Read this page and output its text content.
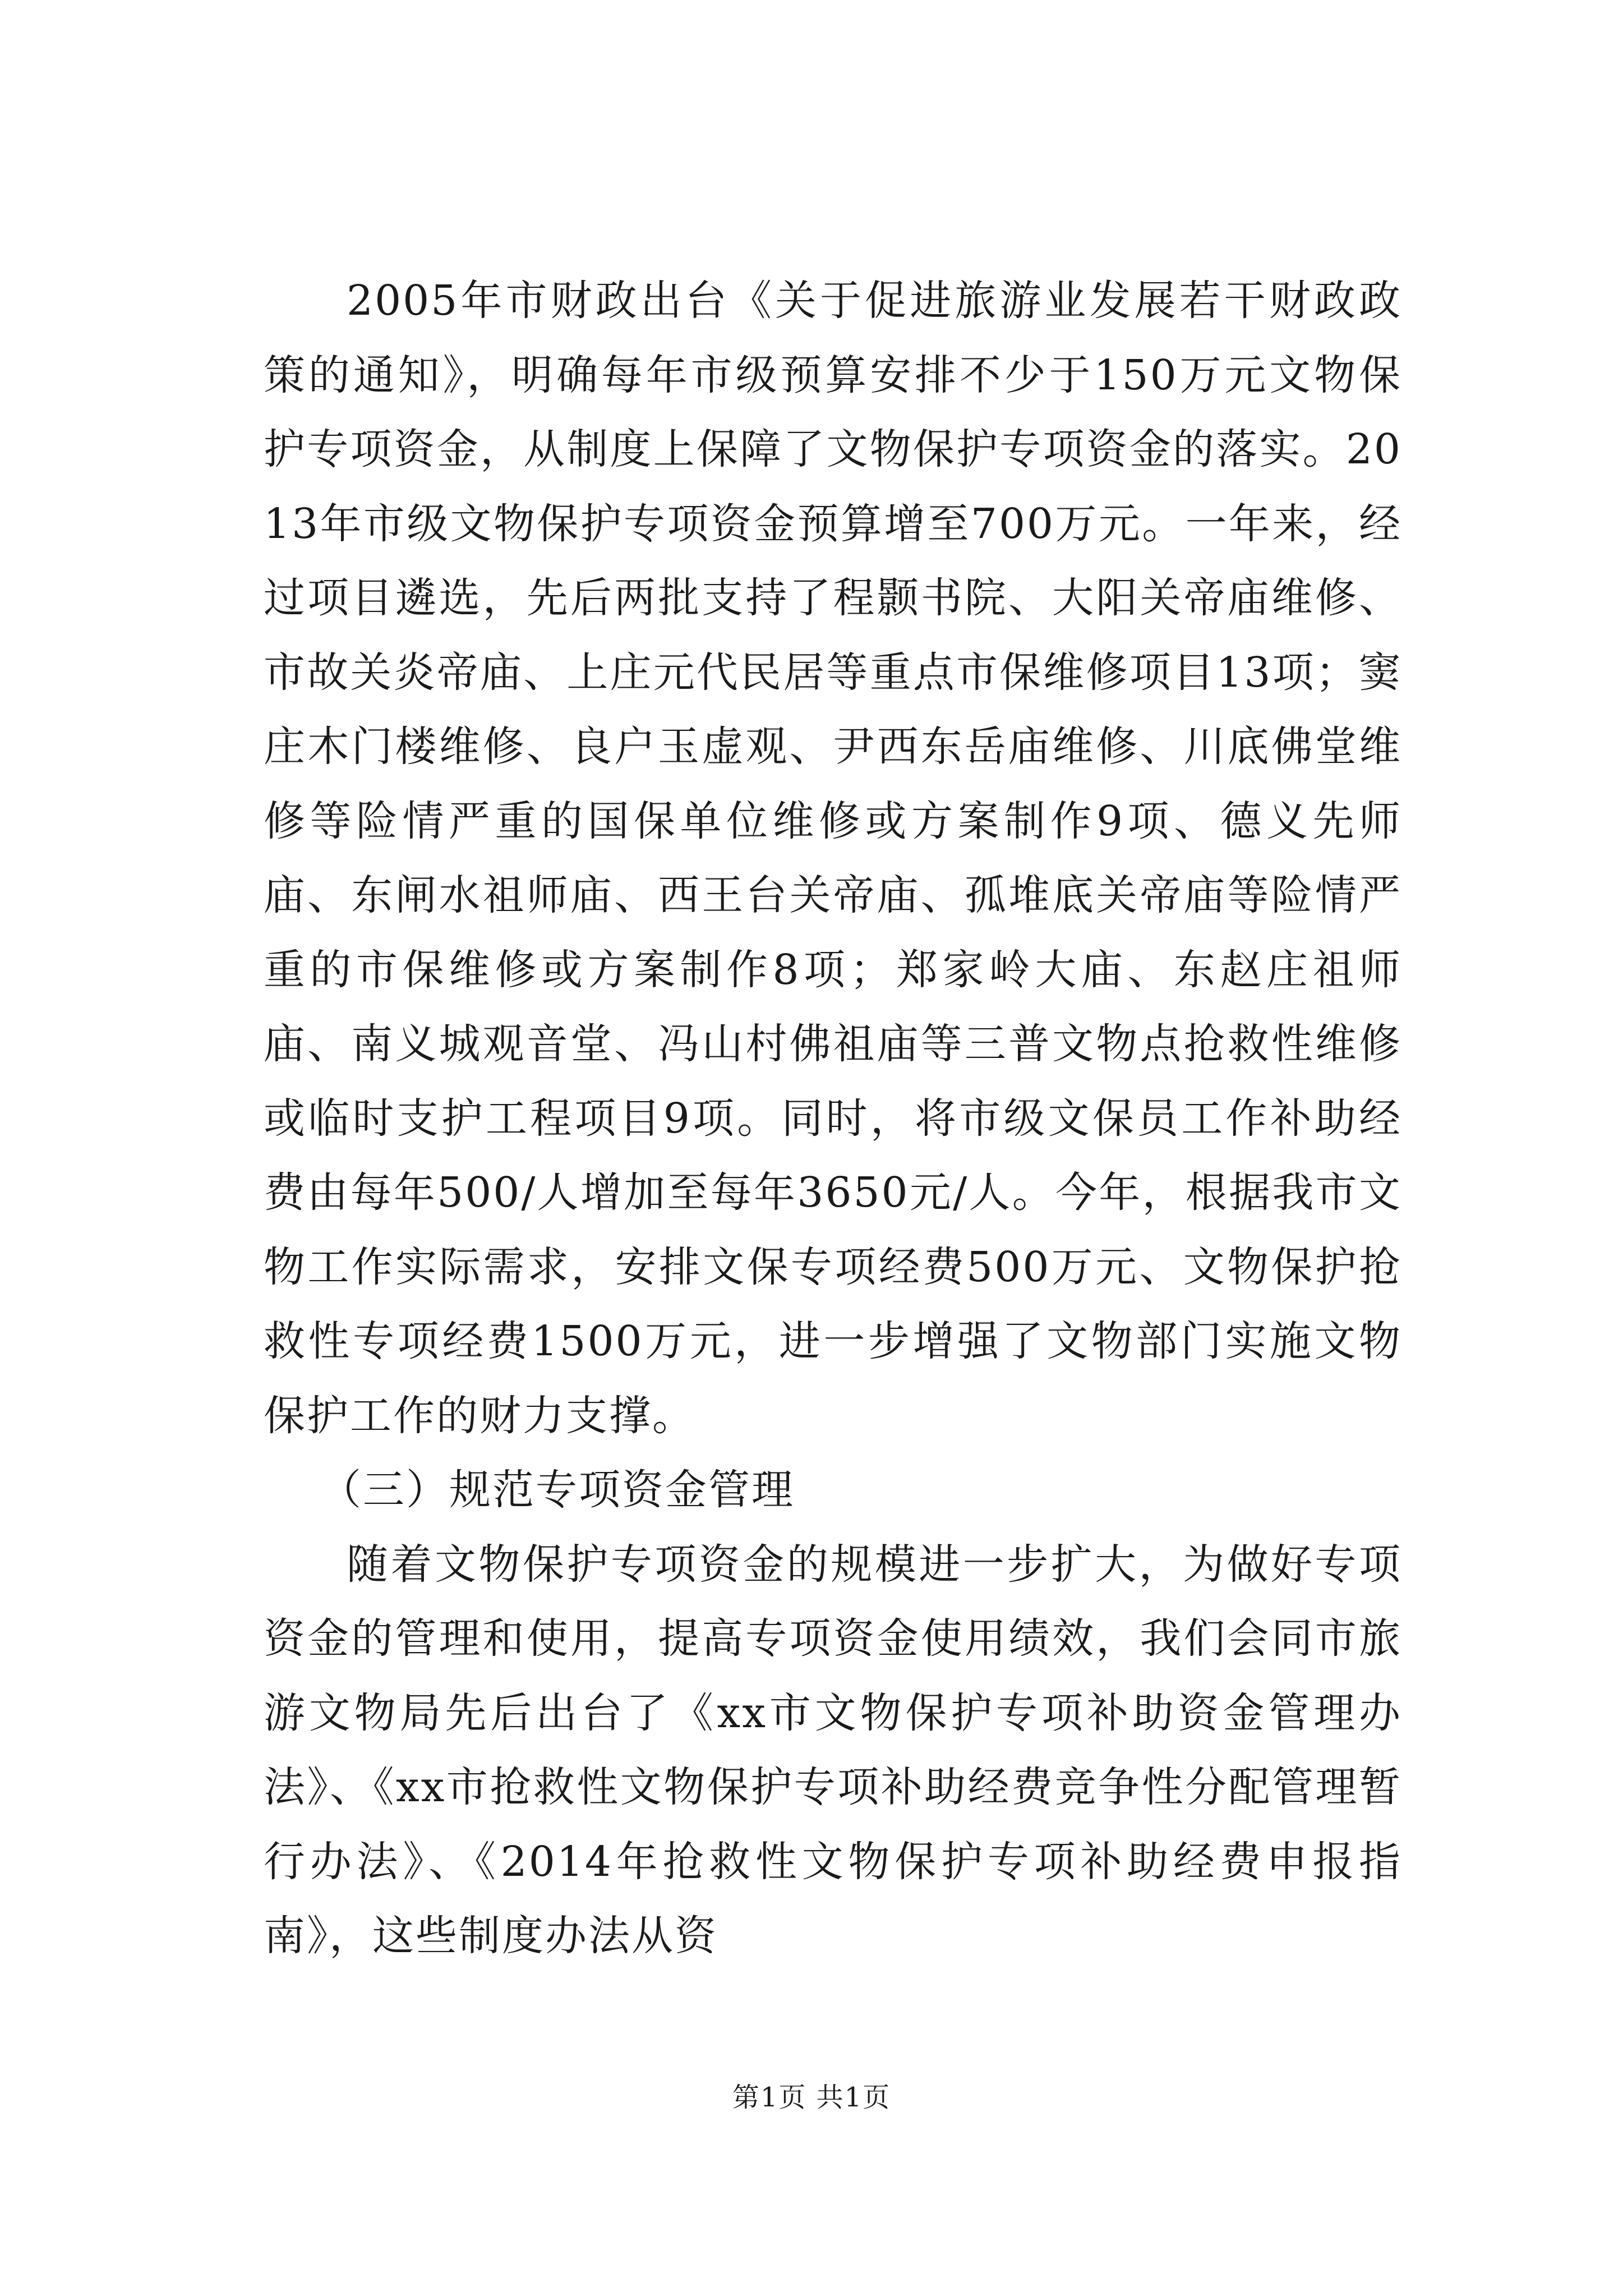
2005年市财政出台《关于促进旅游业发展若干财政政策的通知》，明确每年市级预算安排不少于150万元文物保护专项资金，从制度上保障了文物保护专项资金的落实。2013年市级文物保护专项资金预算增至700万元。一年来，经过项目遴选，先后两批支持了程颢书院、大阳关帝庙维修、市故关炎帝庙、上庄元代民居等重点市保维修项目13项；窦庄木门楼维修、良户玉虚观、尹西东岳庙维修、川底佛堂维修等险情严重的国保单位维修或方案制作9项、德义先师庙、东闸水祖师庙、西王台关帝庙、孤堆底关帝庙等险情严重的市保维修或方案制作8项；郑家岭大庙、东赵庄祖师庙、南义城观音堂、冯山村佛祖庙等三普文物点抢救性维修或临时支护工程项目9项。同时，将市级文保员工作补助经费由每年500/人增加至每年3650元/人。今年，根据我市文物工作实际需求，安排文保专项经费500万元、文物保护抢救性专项经费1500万元，进一步增强了文物部门实施文物保护工作的财力支撑。

（三）规范专项资金管理

随着文物保护专项资金的规模进一步扩大，为做好专项资金的管理和使用，提高专项资金使用绩效，我们会同市旅游文物局先后出台了《xx市文物保护专项补助资金管理办法》、《xx市抢救性文物保护专项补助经费竞争性分配管理暂行办法》、《2014年抢救性文物保护专项补助经费申报指南》，这些制度办法从资

第1页 共1页
